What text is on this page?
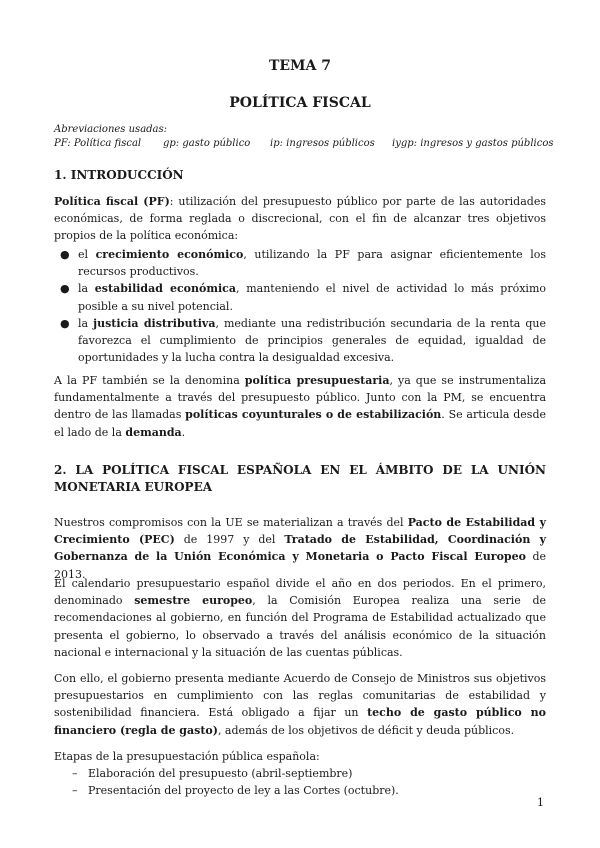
TEMA 7
POLÍTICA FISCAL
Abreviaciones usadas:
PF: Política fiscal gp: gasto público ip: ingresos públicos iygp: ingresos y gastos públicos
1. INTRODUCCIÓN
Política fiscal (PF): utilización del presupuesto público por parte de las autoridades económicas, de forma reglada o discrecional, con el fin de alcanzar tres objetivos propios de la política económica:
● el crecimiento económico, utilizando la PF para asignar eficientemente los recursos productivos.
● la estabilidad económica, manteniendo el nivel de actividad lo más próximo posible a su nivel potencial.
● la justicia distributiva, mediante una redistribución secundaria de la renta que favorezca el cumplimiento de principios generales de equidad, igualdad de oportunidades y la lucha contra la desigualdad excesiva.
A la PF también se la denomina política presupuestaria, ya que se instrumentaliza fundamentalmente a través del presupuesto público. Junto con la PM, se encuentra dentro de las llamadas políticas coyunturales o de estabilización. Se articula desde el lado de la demanda.
2. LA POLÍTICA FISCAL ESPAÑOLA EN EL ÁMBITO DE LA UNIÓN MONETARIA EUROPEA
Nuestros compromisos con la UE se materializan a través del Pacto de Estabilidad y Crecimiento (PEC) de 1997 y del Tratado de Estabilidad, Coordinación y Gobernanza de la Unión Económica y Monetaria o Pacto Fiscal Europeo de 2013.
El calendario presupuestario español divide el año en dos periodos. En el primero, denominado semestre europeo, la Comisión Europea realiza una serie de recomendaciones al gobierno, en función del Programa de Estabilidad actualizado que presenta el gobierno, lo observado a través del análisis económico de la situación nacional e internacional y la situación de las cuentas públicas.
Con ello, el gobierno presenta mediante Acuerdo de Consejo de Ministros sus objetivos presupuestarios en cumplimiento con las reglas comunitarias de estabilidad y sostenibilidad financiera. Está obligado a fijar un techo de gasto público no financiero (regla de gasto), además de los objetivos de déficit y deuda públicos.
Etapas de la presupuestación pública española:
– Elaboración del presupuesto (abril-septiembre)
– Presentación del proyecto de ley a las Cortes (octubre).
1
